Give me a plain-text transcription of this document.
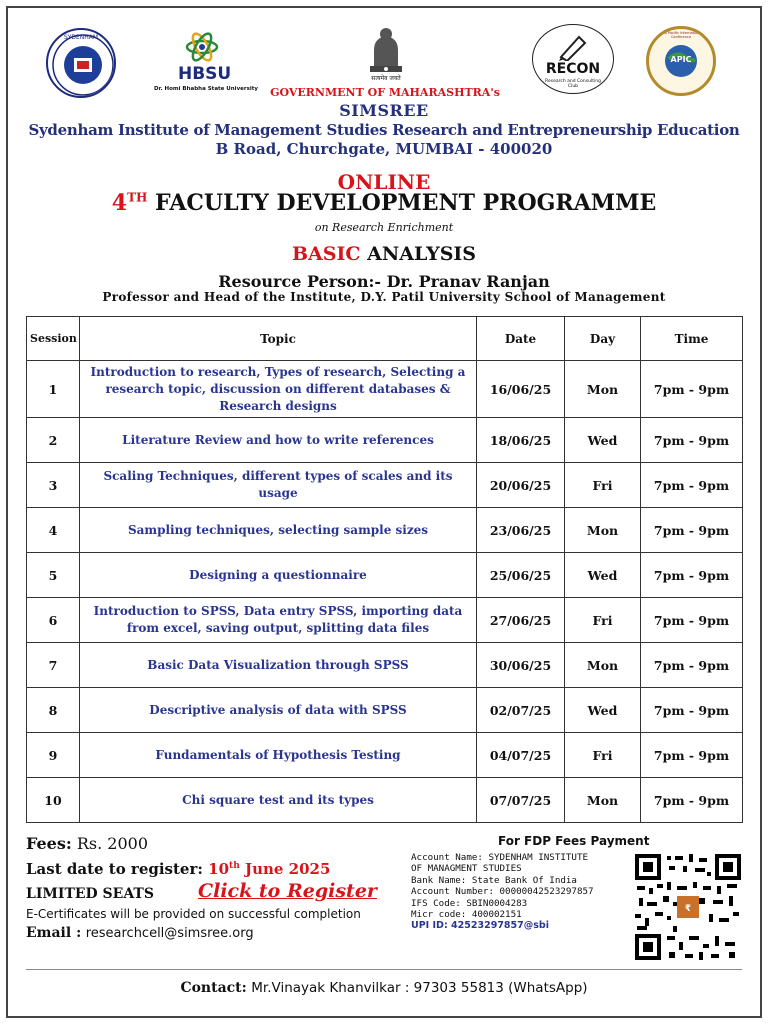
SYDENHAM
HBSU
Dr. Homi Bhabha State University
सत्यमेव जयते
RECON
Research and Consulting Club
APIC
Asia Pacific International Conference
GOVERNMENT OF MAHARASHTRA's
SIMSREE
Sydenham Institute of Management Studies Research and Entrepreneurship Education
B Road, Churchgate, MUMBAI - 400020
ONLINE
4TH FACULTY DEVELOPMENT PROGRAMME
on Research Enrichment
BASIC ANALYSIS
Resource Person:- Dr. Pranav Ranjan
Professor and Head of the Institute, D.Y. Patil University School of Management
Session	Topic	Date	Day	Time
1	Introduction to research, Types of research, Selecting a research topic, discussion on different databases & Research designs	16/06/25	Mon	7pm - 9pm
2	Literature Review and how to write references	18/06/25	Wed	7pm - 9pm
3	Scaling Techniques, different types of scales and its usage	20/06/25	Fri	7pm - 9pm
4	Sampling techniques, selecting sample sizes	23/06/25	Mon	7pm - 9pm
5	Designing a questionnaire	25/06/25	Wed	7pm - 9pm
6	Introduction to SPSS, Data entry SPSS, importing data from excel, saving output, splitting data files	27/06/25	Fri	7pm - 9pm
7	Basic Data Visualization through SPSS	30/06/25	Mon	7pm - 9pm
8	Descriptive analysis of data with SPSS	02/07/25	Wed	7pm - 9pm
9	Fundamentals of Hypothesis Testing	04/07/25	Fri	7pm - 9pm
10	Chi square test and its types	07/07/25	Mon	7pm - 9pm
Fees: Rs. 2000
Last date to register: 10th June 2025
LIMITED SEATS Click to Register
E-Certificates will be provided on successful completion
Email : researchcell@simsree.org
For FDP Fees Payment
Account Name: SYDENHAM INSTITUTE
OF MANAGMENT STUDIES
Bank Name: State Bank Of India
Account Number: 00000042523297857
IFS Code: SBIN0004283
Micr code: 400002151
UPI ID: 42523297857@sbi
₹
Contact: Mr.Vinayak Khanvilkar : 97303 55813 (WhatsApp)
